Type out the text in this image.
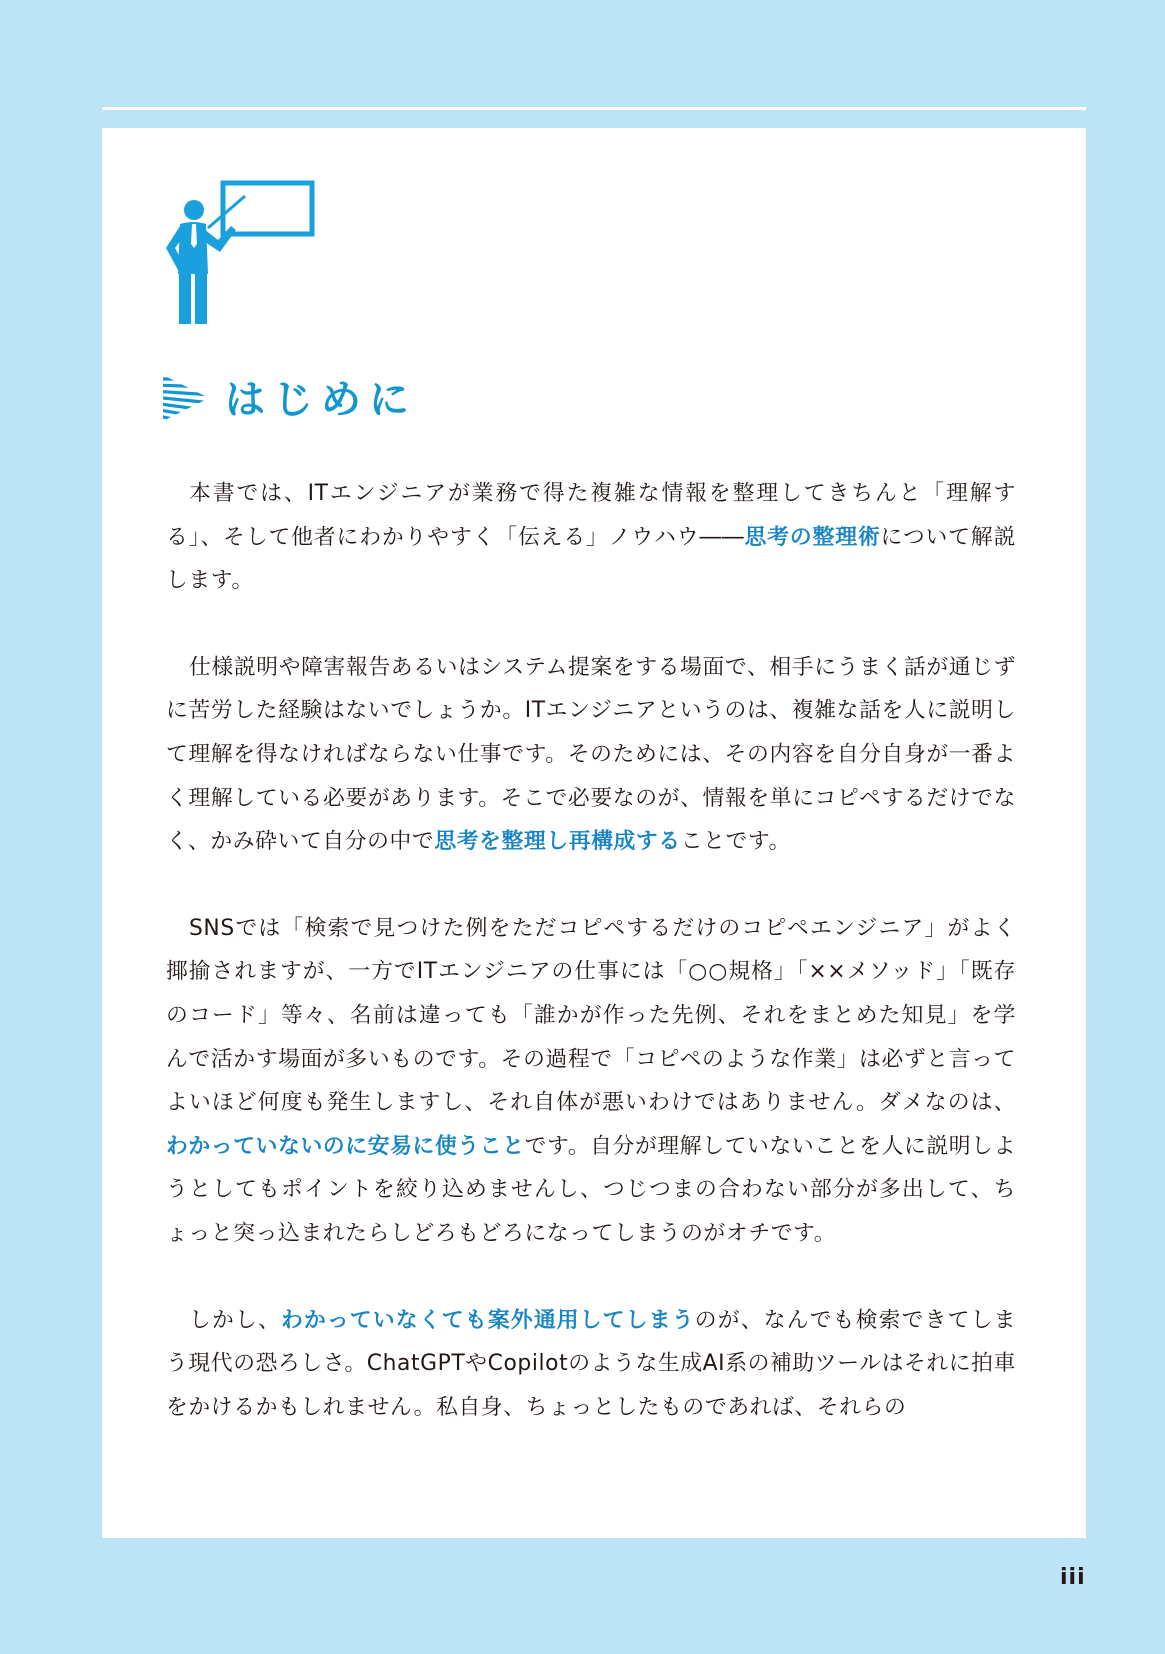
はじめに

本書では、ITエンジニアが業務で得た複雑な情報を整理してきちんと「理解する」、そして他者にわかりやすく「伝える」ノウハウ――思考の整理術について解説します。

仕様説明や障害報告あるいはシステム提案をする場面で、相手にうまく話が通じずに苦労した経験はないでしょうか。ITエンジニアというのは、複雑な話を人に説明して理解を得なければならない仕事です。そのためには、その内容を自分自身が一番よく理解している必要があります。そこで必要なのが、情報を単にコピペするだけでなく、かみ砕いて自分の中で思考を整理し再構成することです。

SNSでは「検索で見つけた例をただコピペするだけのコピペエンジニア」がよく揶揄されますが、一方でITエンジニアの仕事には「○○規格」「××メソッド」「既存のコード」等々、名前は違っても「誰かが作った先例、それをまとめた知見」を学んで活かす場面が多いものです。その過程で「コピペのような作業」は必ずと言ってよいほど何度も発生しますし、それ自体が悪いわけではありません。ダメなのは、わかっていないのに安易に使うことです。自分が理解していないことを人に説明しようとしてもポイントを絞り込めませんし、つじつまの合わない部分が多出して、ちょっと突っ込まれたらしどろもどろになってしまうのがオチです。

しかし、わかっていなくても案外通用してしまうのが、なんでも検索できてしまう現代の恐ろしさ。ChatGPTやCopilotのような生成AI系の補助ツールはそれに拍車をかけるかもしれません。私自身、ちょっとしたものであれば、それらの

iii
